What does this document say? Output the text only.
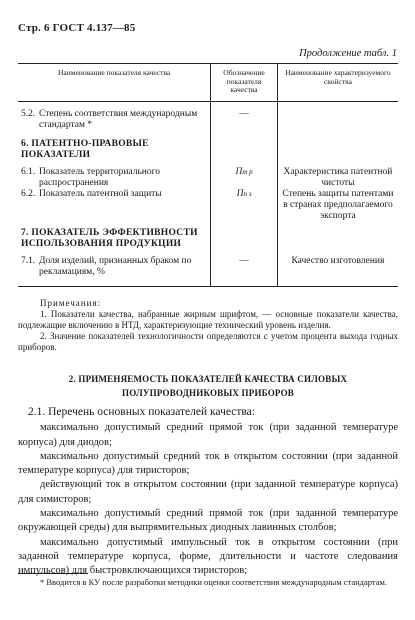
Стр. 6 ГОСТ 4.137—85
Продолжение табл. 1
Наименование показателя качества	Обозначение показателя качества	Наименование характеризуемого свойства

5.2. Степень соответствия международным стандартам *	—	

6. ПАТЕНТНО-ПРАВОВЫЕ ПОКАЗАТЕЛИ		

6.1. Показатель территориального распространения	Пт р	Характеристика патентной чистоты

6.2. Показатель патентной защиты	Пп з	Степень защиты патентами в странах предполагаемого экспорта

7. ПОКАЗАТЕЛЬ ЭФФЕКТИВНОСТИ ИСПОЛЬЗОВАНИЯ ПРОДУКЦИИ		

7.1. Доля изделий, признанных браком по рекламациям, %	—	Качество изготовления

Примечания:

1. Показатели качества, набранные жирным шрифтом, — основные показатели качества, подлежащие включению в НТД, характеризующие технический уровень изделия.

2. Значение показателей технологичности определяются с учетом процента выхода годных приборов.

2. ПРИМЕНЯЕМОСТЬ ПОКАЗАТЕЛЕЙ КАЧЕСТВА СИЛОВЫХ ПОЛУПРОВОДНИКОВЫХ ПРИБОРОВ

2.1. Перечень основных показателей качества:

максимально допустимый средний прямой ток (при заданной температуре корпуса) для диодов;

максимально допустимый средний ток в открытом состоянии (при заданной температуре корпуса) для тиристоров;

действующий ток в открытом состоянии (при заданной температуре корпуса) для симисторов;

максимально допустимый средний прямой ток (при заданной температуре окружающей среды) для выпрямительных диодных лавинных столбов;

максимально допустимый импульсный ток в открытом состоянии (при заданной температуре корпуса, форме, длительности и частоте следования импульсов) для быстровключающихся тиристоров;

* Вводится в КУ после разработки методики оценки соответствия международным стандартам.
